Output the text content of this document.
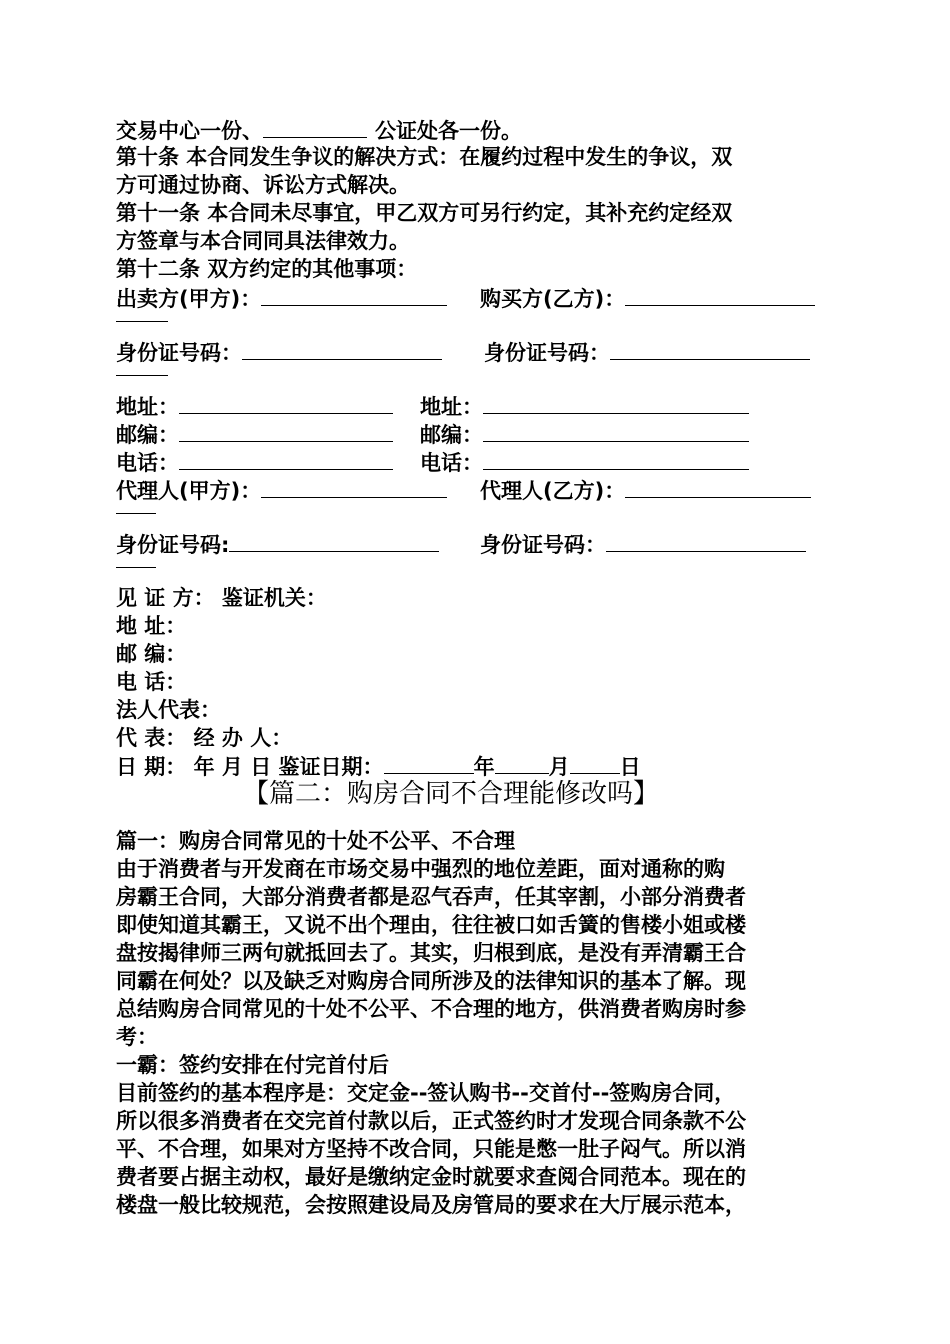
交易中心一份、	公证处各一份。
第十条 本合同发生争议的解决方式：在履约过程中发生的争议，双
方可通过协商、诉讼方式解决。
第十一条 本合同未尽事宜，甲乙双方可另行约定，其补充约定经双
方签章与本合同同具法律效力。
第十二条 双方约定的其他事项：
出卖方(甲方)：	购买方(乙方)：
身份证号码：	身份证号码：
地址：	地址：
邮编：	邮编：
电话：	电话：
代理人(甲方)：	代理人(乙方)：
身份证号码:	身份证号码：
见 证 方： 鉴证机关：
地 址：
邮 编：
电 话：
法人代表：
代 表： 经 办 人：
日 期： 年 月 日 鉴证日期：	年	月 日
【篇二：购房合同不合理能修改吗】
篇一：购房合同常见的十处不公平、不合理
由于消费者与开发商在市场交易中强烈的地位差距，面对通称的购
房霸王合同，大部分消费者都是忍气吞声，任其宰割，小部分消费者
即使知道其霸王，又说不出个理由，往往被口如舌簧的售楼小姐或楼
盘按揭律师三两句就抵回去了。其实，归根到底，是没有弄清霸王合
同霸在何处？以及缺乏对购房合同所涉及的法律知识的基本了解。现
总结购房合同常见的十处不公平、不合理的地方，供消费者购房时参
考：
一霸：签约安排在付完首付后
目前签约的基本程序是：交定金--签认购书--交首付--签购房合同，
所以很多消费者在交完首付款以后，正式签约时才发现合同条款不公
平、不合理，如果对方坚持不改合同，只能是憋一肚子闷气。所以消
费者要占据主动权，最好是缴纳定金时就要求查阅合同范本。现在的
楼盘一般比较规范，会按照建设局及房管局的要求在大厅展示范本，
